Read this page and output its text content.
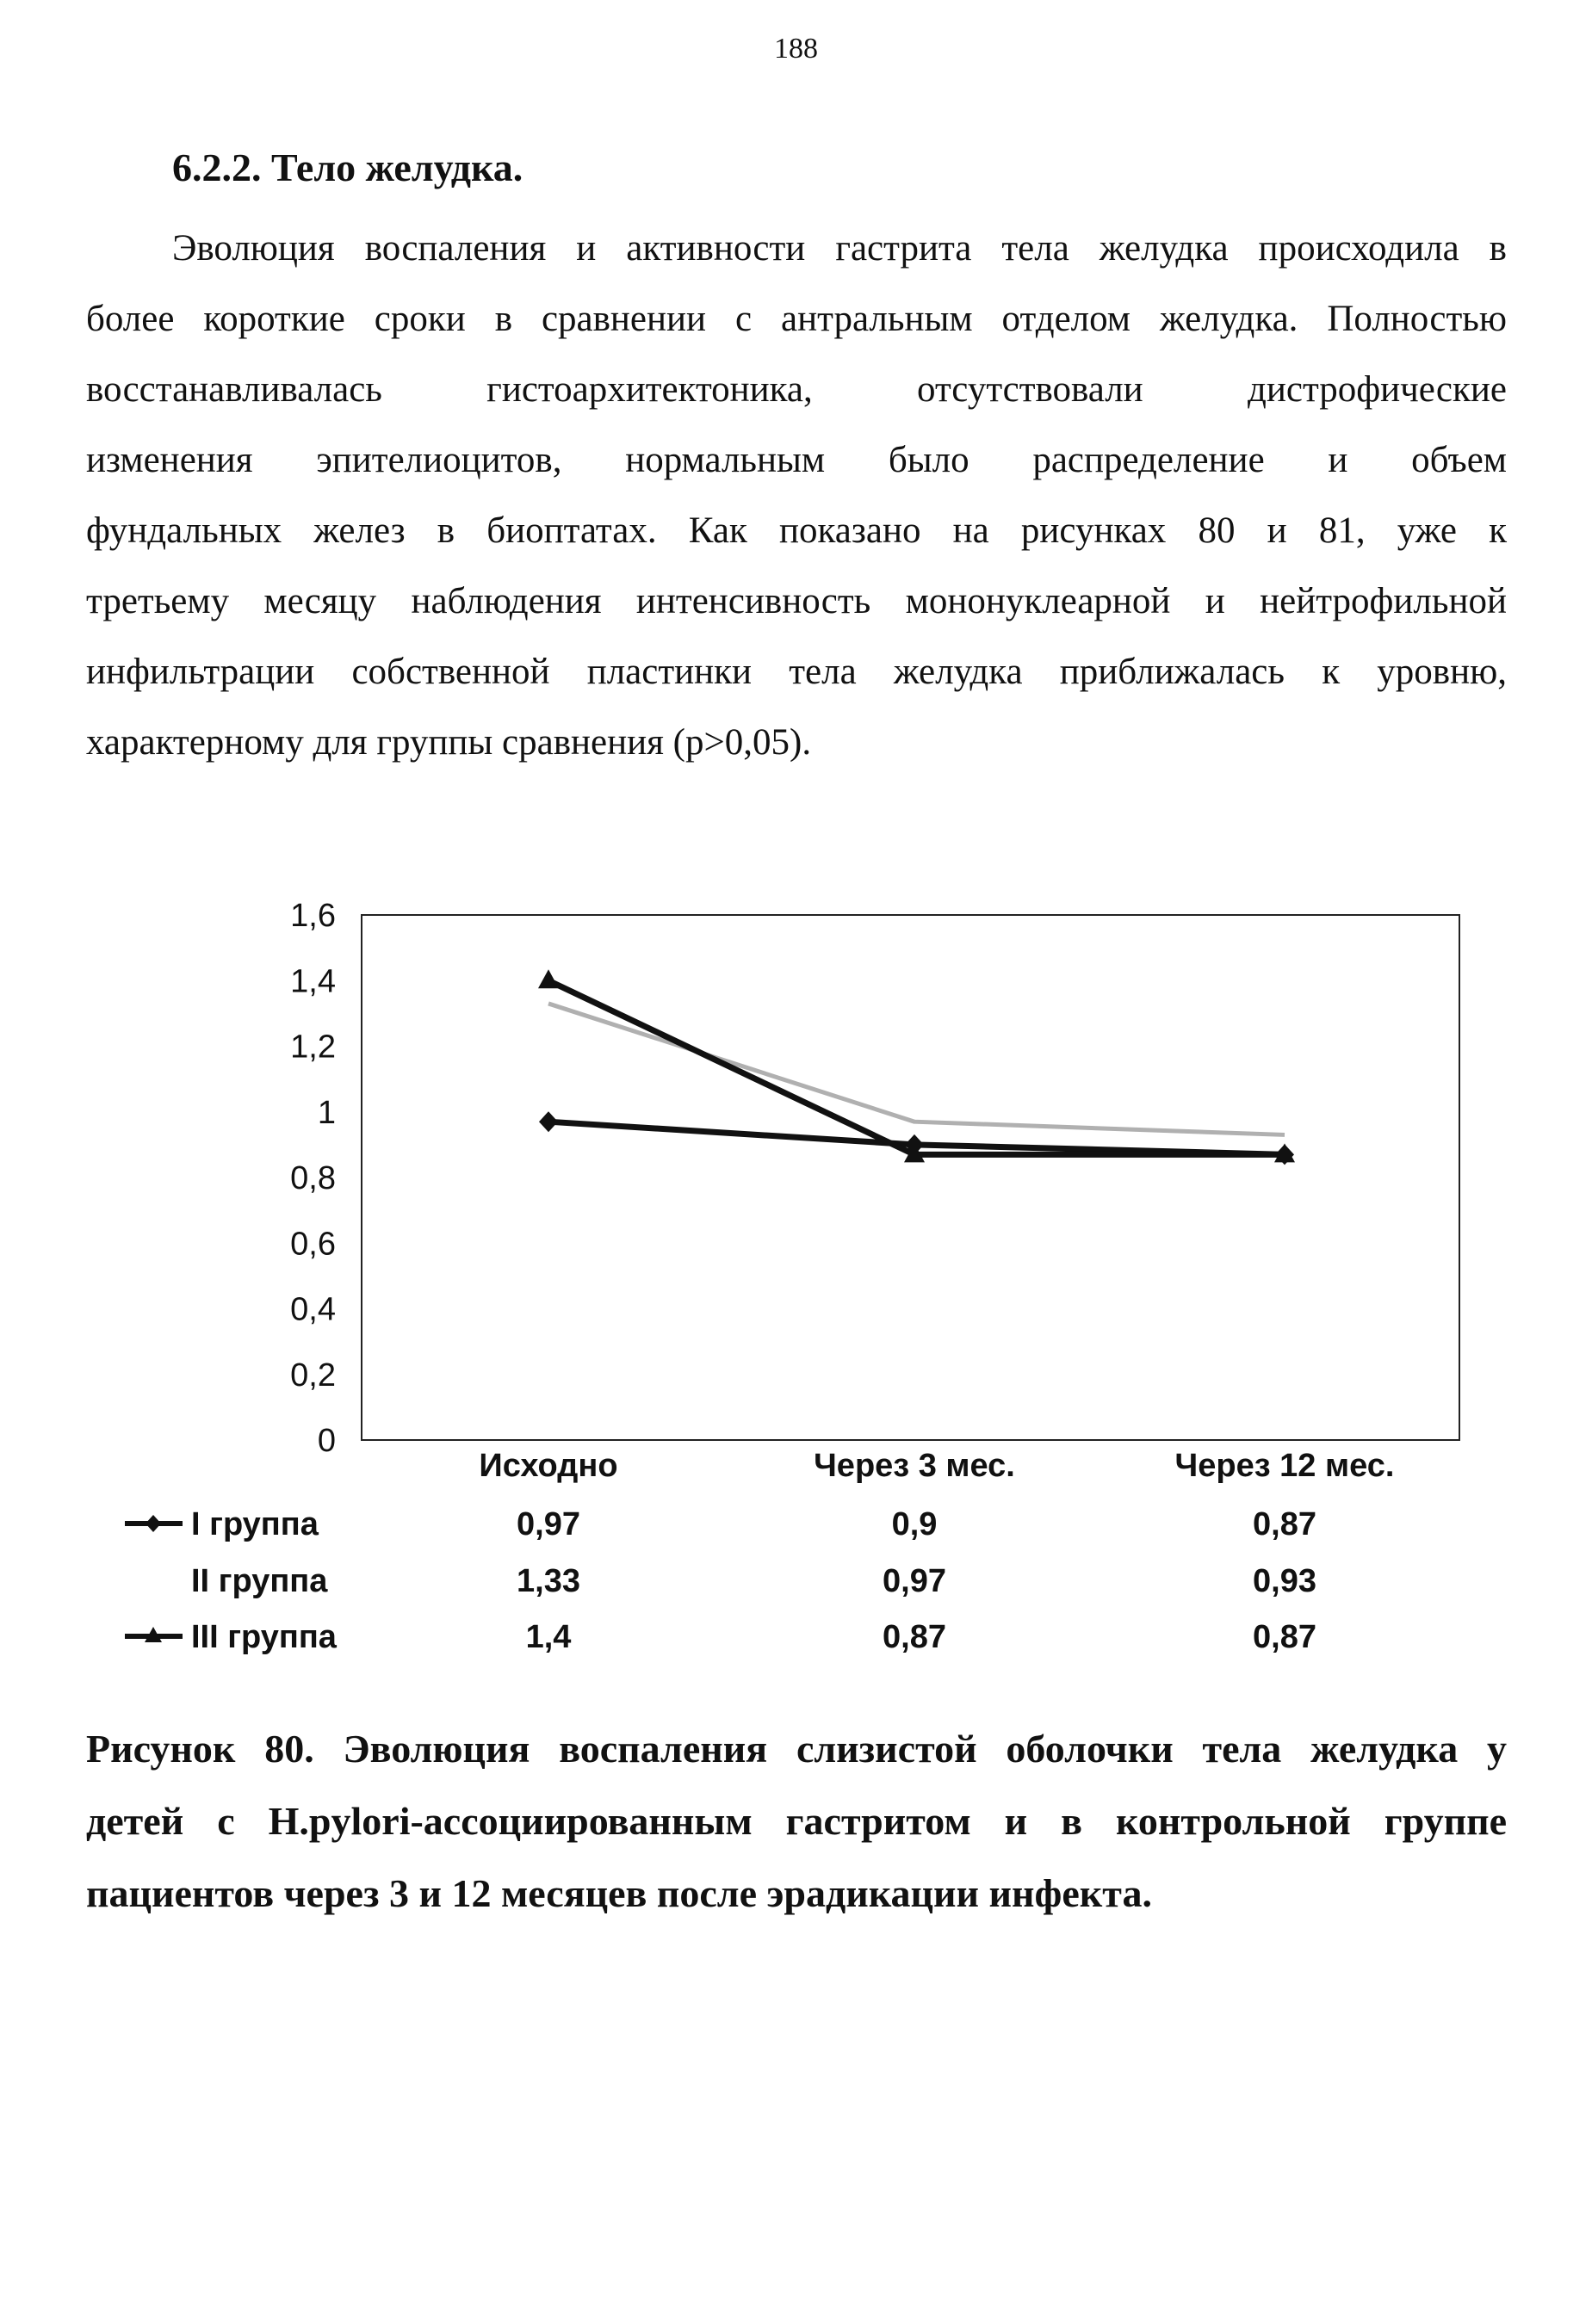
188
6.2.2. Тело желудка.
Эволюция воспаления и активности гастрита тела желудка происходила в
более короткие сроки в сравнении с антральным отделом желудка. Полностью
восстанавливалась гистоархитектоника, отсутствовали дистрофические
изменения эпителиоцитов, нормальным было распределение и объем
фундальных желез в биоптатах. Как показано на рисунках 80 и 81, уже к
третьему месяцу наблюдения интенсивность мононуклеарной и нейтрофильной
инфильтрации собственной пластинки тела желудка приближалась к уровню,
характерному для группы сравнения (р>0,05).
1,6
1,4
1,2
1
0,8
0,6
0,4
0,2
0
Исходно	Через 3 мес.	Через 12 мес.
I группа	0,97	0,9	0,87
II группа	1,33	0,97	0,93
III группа	1,4	0,87	0,87
Рисунок 80. Эволюция воспаления слизистой оболочки тела желудка у
детей с H.pylori-ассоциированным гастритом и в контрольной группе
пациентов через 3 и 12 месяцев после эрадикации инфекта.
